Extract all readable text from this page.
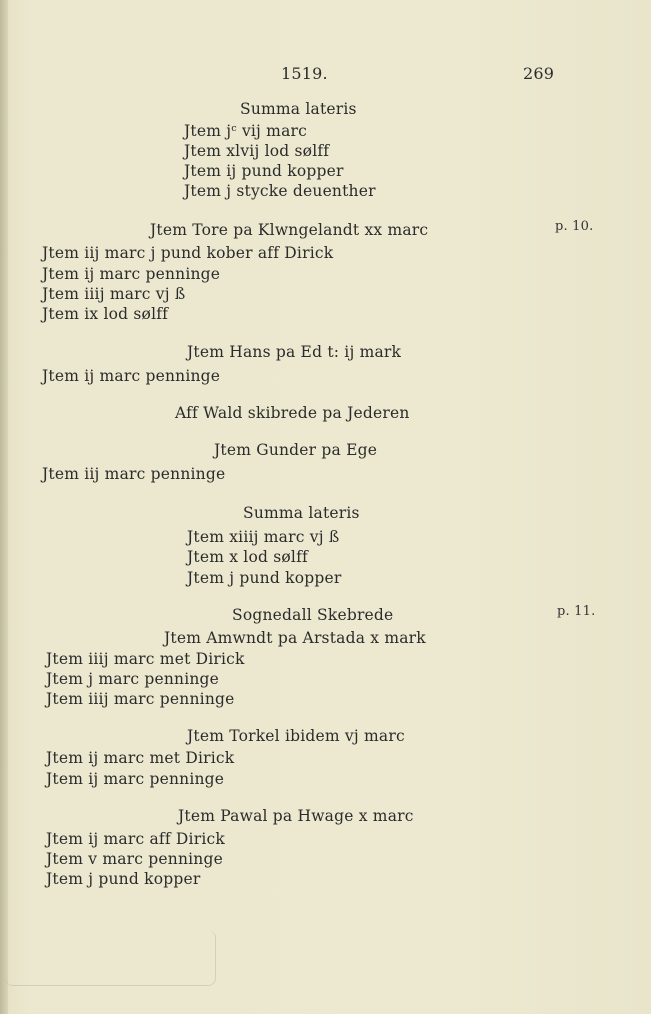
1519.	269
Summa lateris
Jtem jᶜ vij marc
Jtem xlvij lod sølff
Jtem ij pund kopper
Jtem j stycke deuenther
Jtem Tore pa Klwngelandt xx marc
Jtem iij marc j pund kober aff Dirick
Jtem ij marc penninge
Jtem iiij marc vj ß
Jtem ix lod sølff
Jtem Hans pa Ed t: ij mark
Jtem ij marc penninge
Aff Wald skibrede pa Jederen
Jtem Gunder pa Ege
Jtem iij marc penninge
Summa lateris
Jtem xiiij marc vj ß
Jtem x lod sølff
Jtem j pund kopper
Sognedall Skebrede
Jtem Amwndt pa Arstada x mark
Jtem iiij marc met Dirick
Jtem j marc penninge
Jtem iiij marc penninge
Jtem Torkel ibidem vj marc
Jtem ij marc met Dirick
Jtem ij marc penninge
Jtem Pawal pa Hwage x marc
Jtem ij marc aff Dirick
Jtem v marc penninge
Jtem j pund kopper
p. 10.
p. 11.
